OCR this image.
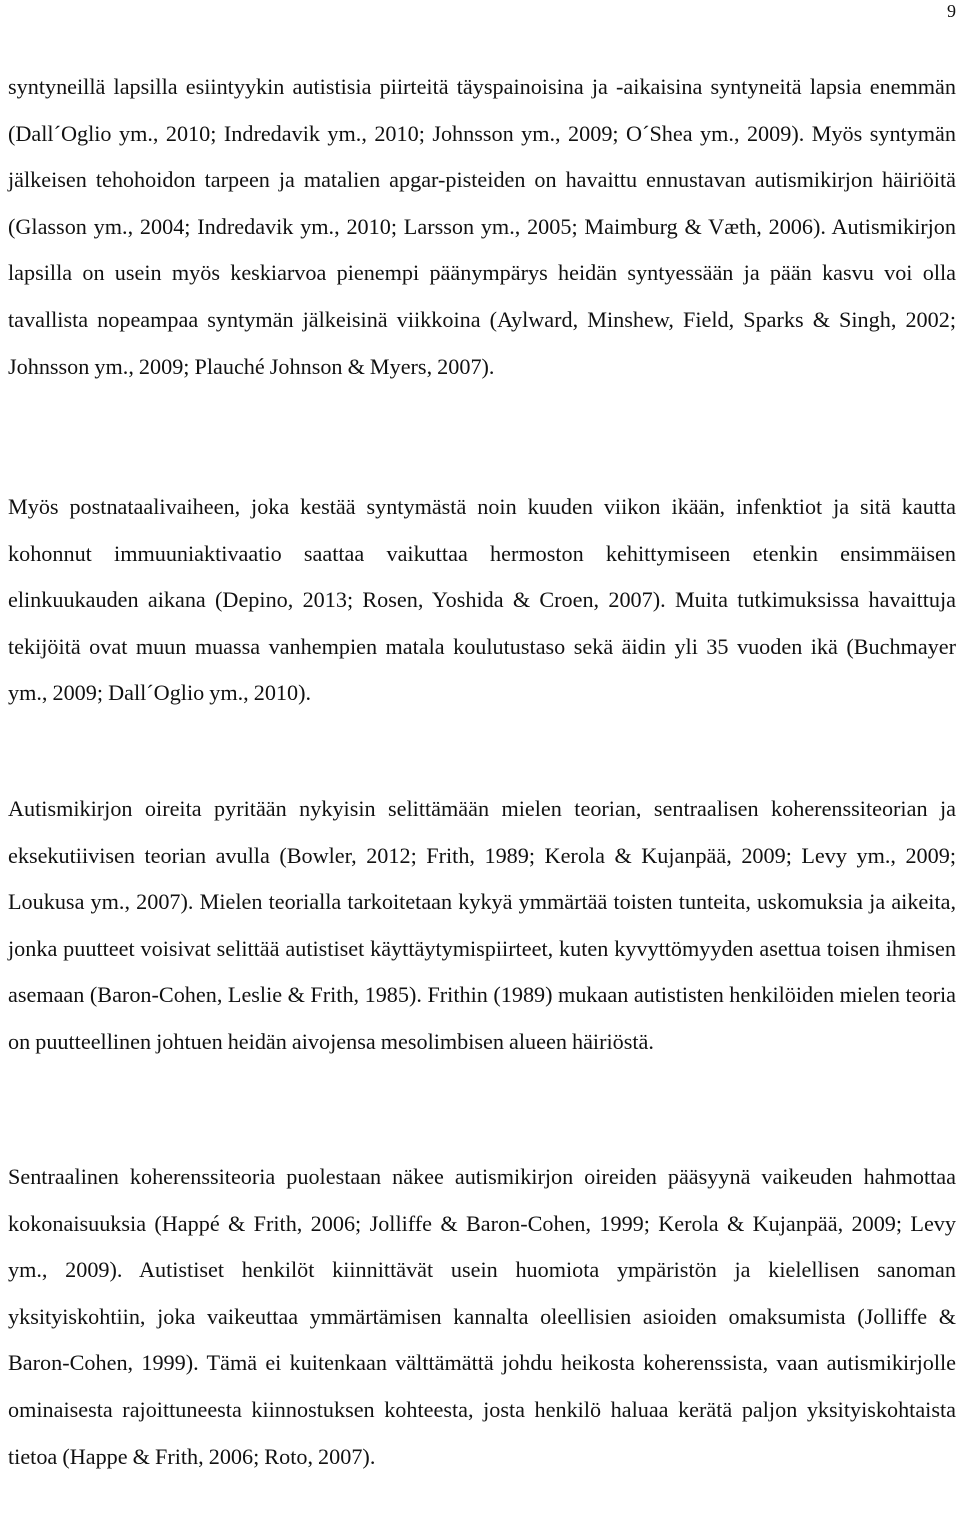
9

syntyneillä lapsilla esiintyykin autistisia piirteitä täyspainoisina ja -aikaisina syntyneitä lapsia enemmän (Dall´Oglio ym., 2010; Indredavik ym., 2010; Johnsson ym., 2009; O´Shea ym., 2009). Myös syntymän jälkeisen tehohoidon tarpeen ja matalien apgar-pisteiden on havaittu ennustavan autismikirjon häiriöitä (Glasson ym., 2004; Indredavik ym., 2010; Larsson ym., 2005; Maimburg & Væth, 2006). Autismikirjon lapsilla on usein myös keskiarvoa pienempi päänympärys heidän syntyessään ja pään kasvu voi olla tavallista nopeampaa syntymän jälkeisinä viikkoina (Aylward, Minshew, Field, Sparks & Singh, 2002; Johnsson ym., 2009; Plauché Johnson & Myers, 2007).

Myös postnataalivaiheen, joka kestää syntymästä noin kuuden viikon ikään, infenktiot ja sitä kautta kohonnut immuuniaktivaatio saattaa vaikuttaa hermoston kehittymiseen etenkin ensimmäisen elinkuukauden aikana (Depino, 2013; Rosen, Yoshida & Croen, 2007). Muita tutkimuksissa havaittuja tekijöitä ovat muun muassa vanhempien matala koulutustaso sekä äidin yli 35 vuoden ikä (Buchmayer ym., 2009; Dall´Oglio ym., 2010).

Autismikirjon oireita pyritään nykyisin selittämään mielen teorian, sentraalisen koherenssiteorian ja eksekutiivisen teorian avulla (Bowler, 2012; Frith, 1989; Kerola & Kujanpää, 2009; Levy ym., 2009; Loukusa ym., 2007). Mielen teorialla tarkoitetaan kykyä ymmärtää toisten tunteita, uskomuksia ja aikeita, jonka puutteet voisivat selittää autistiset käyttäytymispiirteet, kuten kyvyttömyyden asettua toisen ihmisen asemaan (Baron-Cohen, Leslie & Frith, 1985). Frithin (1989) mukaan autististen henkilöiden mielen teoria on puutteellinen johtuen heidän aivojensa mesolimbisen alueen häiriöstä.

Sentraalinen koherenssiteoria puolestaan näkee autismikirjon oireiden pääsyynä vaikeuden hahmottaa kokonaisuuksia (Happé & Frith, 2006; Jolliffe & Baron-Cohen, 1999; Kerola & Kujanpää, 2009; Levy ym., 2009). Autistiset henkilöt kiinnittävät usein huomiota ympäristön ja kielellisen sanoman yksityiskohtiin, joka vaikeuttaa ymmärtämisen kannalta oleellisien asioiden omaksumista (Jolliffe & Baron-Cohen, 1999). Tämä ei kuitenkaan välttämättä johdu heikosta koherenssista, vaan autismikirjolle ominaisesta rajoittuneesta kiinnostuksen kohteesta, josta henkilö haluaa kerätä paljon yksityiskohtaista tietoa (Happe & Frith, 2006; Roto, 2007).
